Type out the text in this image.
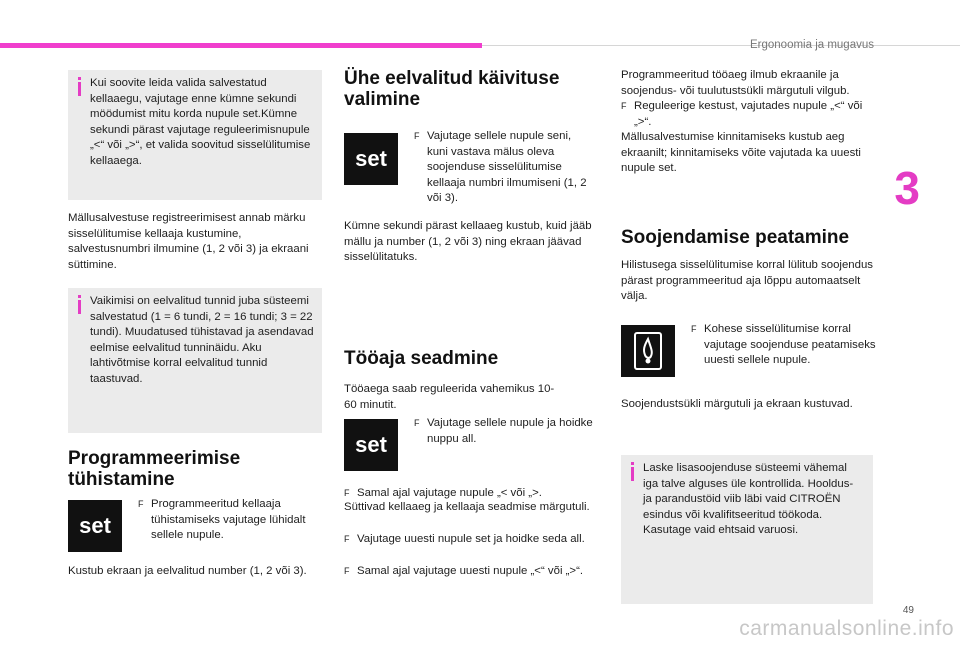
Ergonoomia ja mugavus
3
Kui soovite leida valida salvestatud kellaaegu, vajutage enne kümne sekundi möödumist mitu korda nupule set.Kümne sekundi pärast vajutage reguleerimisnupule „<“ või „>“, et valida soovitud sisselülitumise kellaaega.
Mällusalvestuse registreerimisest annab märku sisselülitumise kellaaja kustumine, salvestusnumbri ilmumine (1, 2 või 3) ja ekraani süttimine.
Vaikimisi on eelvalitud tunnid juba süsteemi salvestatud (1 = 6 tundi, 2 = 16 tundi; 3 = 22 tundi). Muudatused tühistavad ja asendavad eelmise eelvalitud tunninäidu. Aku lahtivõtmise korral eelvalitud tunnid taastuvad.
Programmeerimise tühistamine
set
F Programmeeritud kellaaja tühistamiseks vajutage lühidalt sellele nupule.
Kustub ekraan ja eelvalitud number (1, 2 või 3).
Ühe eelvalitud käivituse valimine
set
F Vajutage sellele nupule seni, kuni vastava mälus oleva soojenduse sisselülitumise kellaaja numbri ilmumiseni (1, 2 või 3).
Kümne sekundi pärast kellaaeg kustub, kuid jääb mällu ja number (1, 2 või 3) ning ekraan jäävad sisselülitatuks.
Tööaja seadmine
Tööaega saab reguleerida vahemikus 10-60 minutit.
set
F Vajutage sellele nupule ja hoidke nuppu all.
F Samal ajal vajutage nupule „< või „>.
Süttivad kellaaeg ja kellaaja seadmise märgutuli.
F Vajutage uuesti nupule set ja hoidke seda all.
F Samal ajal vajutage uuesti nupule „<“ või „>“.
Programmeeritud tööaeg ilmub ekraanile ja soojendus- või tuulutustsükli märgutuli vilgub.
F Reguleerige kestust, vajutades nupule „<“ või „>“.
Mällusalvestumise kinnitamiseks kustub aeg ekraanilt; kinnitamiseks võite vajutada ka uuesti nupule set.
Soojendamise peatamine
Hilistusega sisselülitumise korral lülitub soojendus pärast programmeeritud aja lõppu automaatselt välja.
F Kohese sisselülitumise korral vajutage soojenduse peatamiseks uuesti sellele nupule.
Soojendustsükli märgutuli ja ekraan kustuvad.
Laske lisasoojenduse süsteemi vähemal iga talve alguses üle kontrollida. Hooldus- ja parandustöid viib läbi vaid CITROËN esindus või kvalifitseeritud töökoda. Kasutage vaid ehtsaid varuosi.
49
carmanualsonline.info
